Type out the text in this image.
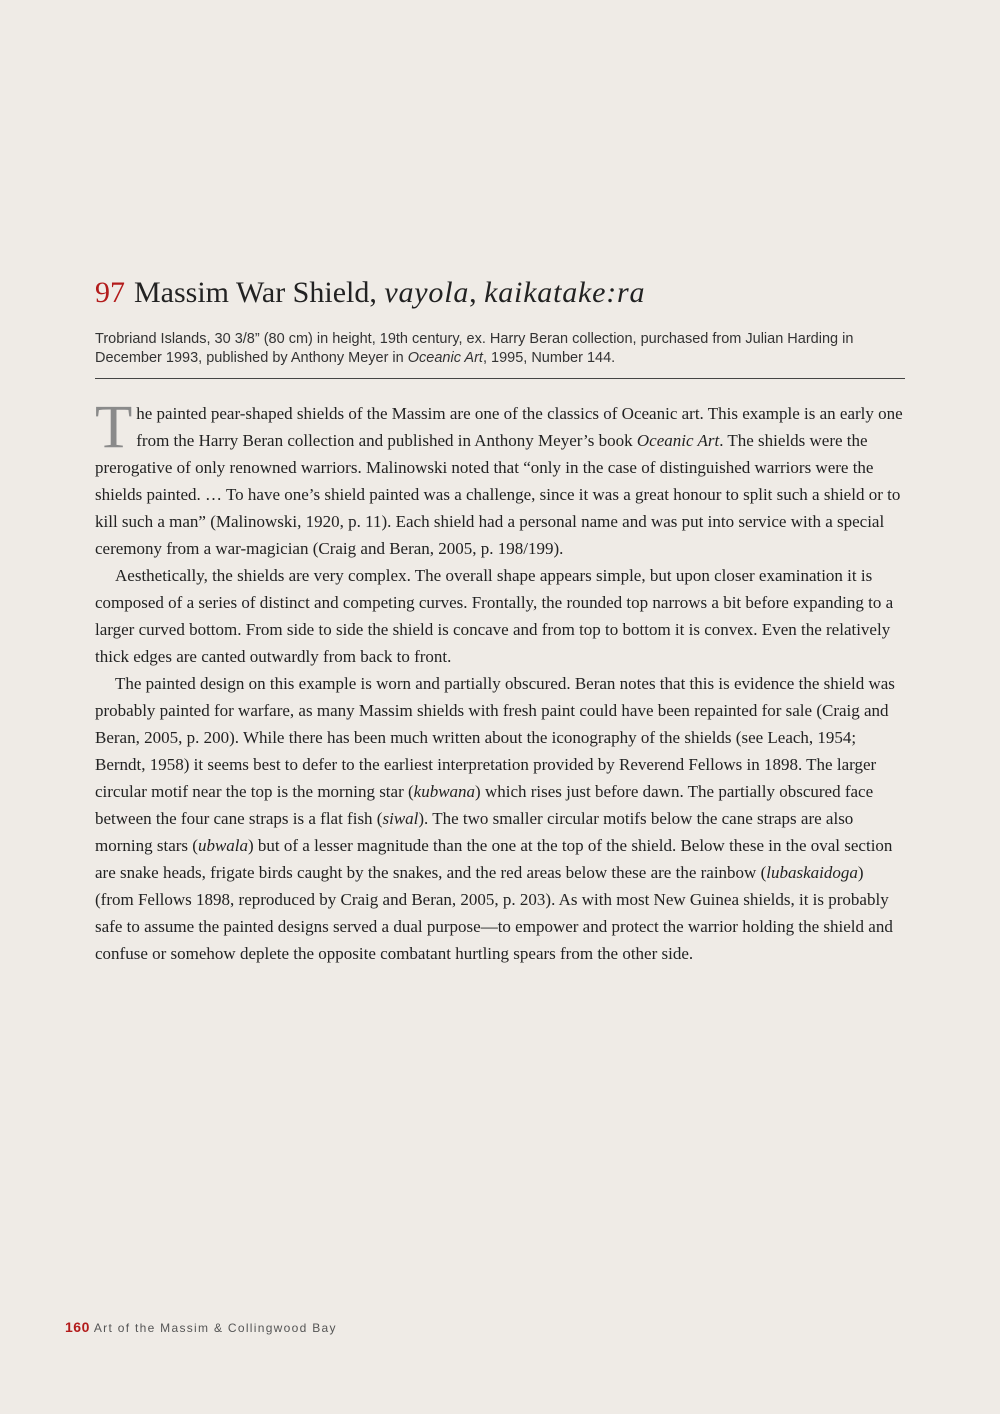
97 Massim War Shield, vayola, kaikatake:ra

Trobriand Islands, 30 3/8” (80 cm) in height, 19th century, ex. Harry Beran collection, purchased from Julian Harding in December 1993, published by Anthony Meyer in Oceanic Art, 1995, Number 144.

The painted pear-shaped shields of the Massim are one of the classics of Oceanic art. This example is an early one from the Harry Beran collection and published in Anthony Meyer’s book Oceanic Art. The shields were the prerogative of only renowned warriors. Malinowski noted that “only in the case of distinguished warriors were the shields painted. … To have one’s shield painted was a challenge, since it was a great honour to split such a shield or to kill such a man” (Malinowski, 1920, p. 11). Each shield had a personal name and was put into service with a special ceremony from a war-magician (Craig and Beran, 2005, p. 198/199).

Aesthetically, the shields are very complex. The overall shape appears simple, but upon closer examination it is composed of a series of distinct and competing curves. Frontally, the rounded top narrows a bit before expanding to a larger curved bottom. From side to side the shield is concave and from top to bottom it is convex. Even the relatively thick edges are canted outwardly from back to front.

The painted design on this example is worn and partially obscured. Beran notes that this is evidence the shield was probably painted for warfare, as many Massim shields with fresh paint could have been repainted for sale (Craig and Beran, 2005, p. 200). While there has been much written about the iconography of the shields (see Leach, 1954; Berndt, 1958) it seems best to defer to the earliest interpretation provided by Reverend Fellows in 1898. The larger circular motif near the top is the morning star (kubwana) which rises just before dawn. The partially obscured face between the four cane straps is a flat fish (siwal). The two smaller circular motifs below the cane straps are also morning stars (ubwala) but of a lesser magnitude than the one at the top of the shield. Below these in the oval section are snake heads, frigate birds caught by the snakes, and the red areas below these are the rainbow (lubaskaidoga) (from Fellows 1898, reproduced by Craig and Beran, 2005, p. 203). As with most New Guinea shields, it is probably safe to assume the painted designs served a dual purpose—to empower and protect the warrior holding the shield and confuse or somehow deplete the opposite combatant hurtling spears from the other side.

160 Art of the Massim & Collingwood Bay
